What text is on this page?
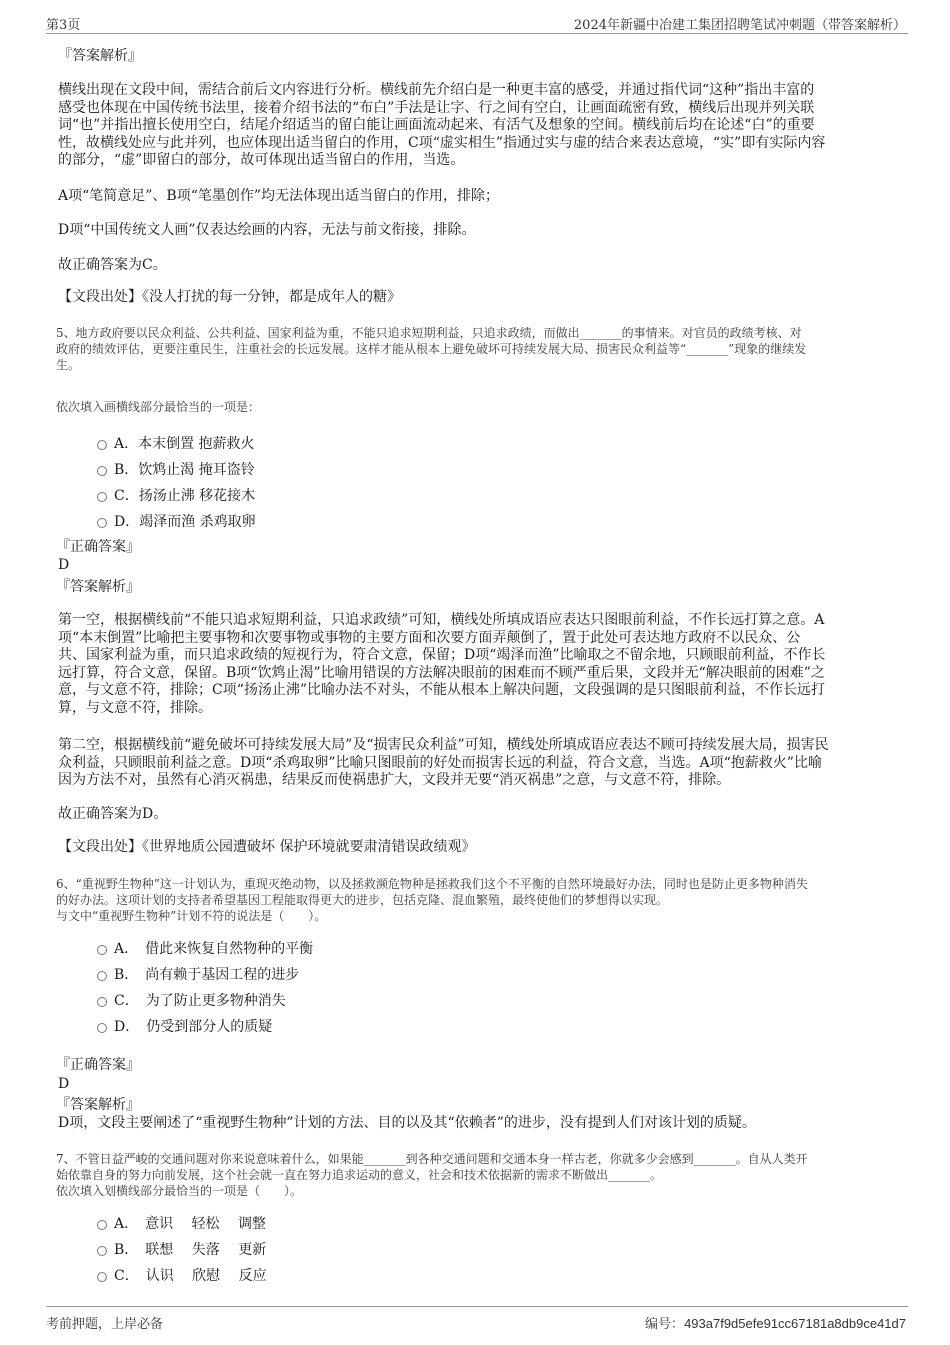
第3页	2024年新疆中冶建工集团招聘笔试冲刺题（带答案解析）
『答案解析』
横线出现在文段中间，需结合前后文内容进行分析。横线前先介绍白是一种更丰富的感受，并通过指代词“这种”指出丰富的
感受也体现在中国传统书法里，接着介绍书法的“布白”手法是让字、行之间有空白，让画面疏密有致，横线后出现并列关联
词“也”并指出擅长使用空白，结尾介绍适当的留白能让画面流动起来、有活气及想象的空间。横线前后均在论述“白”的重要
性，故横线处应与此并列，也应体现出适当留白的作用，C项“虚实相生”指通过实与虚的结合来表达意境，“实”即有实际内容
的部分，“虚”即留白的部分，故可体现出适当留白的作用，当选。
A项“笔简意足”、B项“笔墨创作”均无法体现出适当留白的作用，排除；
D项“中国传统文人画”仅表达绘画的内容，无法与前文衔接，排除。
故正确答案为C。
【文段出处】《没人打扰的每一分钟，都是成年人的糖》
5、地方政府要以民众利益、公共利益、国家利益为重，不能只追求短期利益，只追求政绩，而做出_______的事情来。对官员的政绩考核、对
政府的绩效评估，更要注重民生，注重社会的长远发展。这样才能从根本上避免破坏可持续发展大局、损害民众利益等“_______”现象的继续发
生。
依次填入画横线部分最恰当的一项是：
A．本末倒置 抱薪救火
B．饮鸩止渴 掩耳盗铃
C．扬汤止沸 移花接木
D．竭泽而渔 杀鸡取卵
『正确答案』
D
『答案解析』
第一空，根据横线前“不能只追求短期利益，只追求政绩”可知，横线处所填成语应表达只图眼前利益，不作长远打算之意。A
项“本末倒置”比喻把主要事物和次要事物或事物的主要方面和次要方面弄颠倒了，置于此处可表达地方政府不以民众、公
共、国家利益为重，而只追求政绩的短视行为，符合文意，保留；D项“竭泽而渔”比喻取之不留余地，只顾眼前利益，不作长
远打算，符合文意，保留。B项“饮鸩止渴”比喻用错误的方法解决眼前的困难而不顾严重后果，文段并无“解决眼前的困难”之
意，与文意不符，排除；C项“扬汤止沸”比喻办法不对头，不能从根本上解决问题，文段强调的是只图眼前利益，不作长远打
算，与文意不符，排除。
第二空，根据横线前“避免破坏可持续发展大局”及“损害民众利益”可知，横线处所填成语应表达不顾可持续发展大局，损害民
众利益，只顾眼前利益之意。D项“杀鸡取卵”比喻只图眼前的好处而损害长远的利益，符合文意，当选。A项“抱薪救火”比喻
因为方法不对，虽然有心消灭祸患，结果反而使祸患扩大，文段并无要“消灭祸患”之意，与文意不符，排除。
故正确答案为D。
【文段出处】《世界地质公园遭破坏 保护环境就要肃清错误政绩观》
6、“重视野生物种”这一计划认为，重现灭绝动物，以及拯救濒危物种是拯救我们这个不平衡的自然环境最好办法，同时也是防止更多物种消失
的好办法。这项计划的支持者希望基因工程能取得更大的进步，包括克隆、混血繁殖，最终使他们的梦想得以实现。
与文中“重视野生物种”计划不符的说法是（　　）。
A．　借此来恢复自然物种的平衡
B．　尚有赖于基因工程的进步
C．　为了防止更多物种消失
D．　仍受到部分人的质疑
『正确答案』
D
『答案解析』
D项，文段主要阐述了“重视野生物种”计划的方法、目的以及其“依赖者”的进步，没有提到人们对该计划的质疑。
7、不管日益严峻的交通问题对你来说意味着什么，如果能_______到各种交通问题和交通本身一样古老，你就多少会感到_______。自从人类开
始依靠自身的努力向前发展，这个社会就一直在努力追求运动的意义，社会和技术依据新的需求不断做出_______。
依次填入划横线部分最恰当的一项是（　　）。
A．　意识　 轻松　 调整
B．　联想　 失落　 更新
C．　认识　 欣慰　 反应
考前押题，上岸必备	编号：493a7f9d5efe91cc67181a8db9ce41d7
